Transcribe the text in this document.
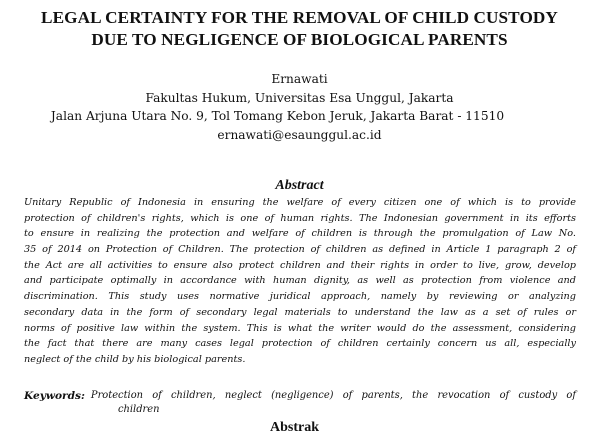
LEGAL CERTAINTY FOR THE REMOVAL OF CHILD CUSTODY
DUE TO NEGLIGENCE OF BIOLOGICAL PARENTS
Ernawati
Fakultas Hukum, Universitas Esa Unggul, Jakarta
Jalan Arjuna Utara No. 9, Tol Tomang Kebon Jeruk, Jakarta Barat - 11510
ernawati@esaunggul.ac.id
Abstract
Unitary Republic of Indonesia in ensuring the welfare of every citizen one of which is to provide
protection of children's rights, which is one of human rights. The Indonesian government in its efforts
to ensure in realizing the protection and welfare of children is through the promulgation of Law No.
35 of 2014 on Protection of Children. The protection of children as defined in Article 1 paragraph 2 of
the Act are all activities to ensure also protect children and their rights in order to live, grow, develop
and participate optimally in accordance with human dignity, as well as protection from violence and
discrimination. This study uses normative juridical approach, namely by reviewing or analyzing
secondary data in the form of secondary legal materials to understand the law as a set of rules or
norms of positive law within the system. This is what the writer would do the assessment, considering
the fact that there are many cases legal protection of children certainly concern us all, especially
neglect of the child by his biological parents.
Keywords: Protection of children, neglect (negligence) of parents, the revocation of custody of
children
Abstrak
